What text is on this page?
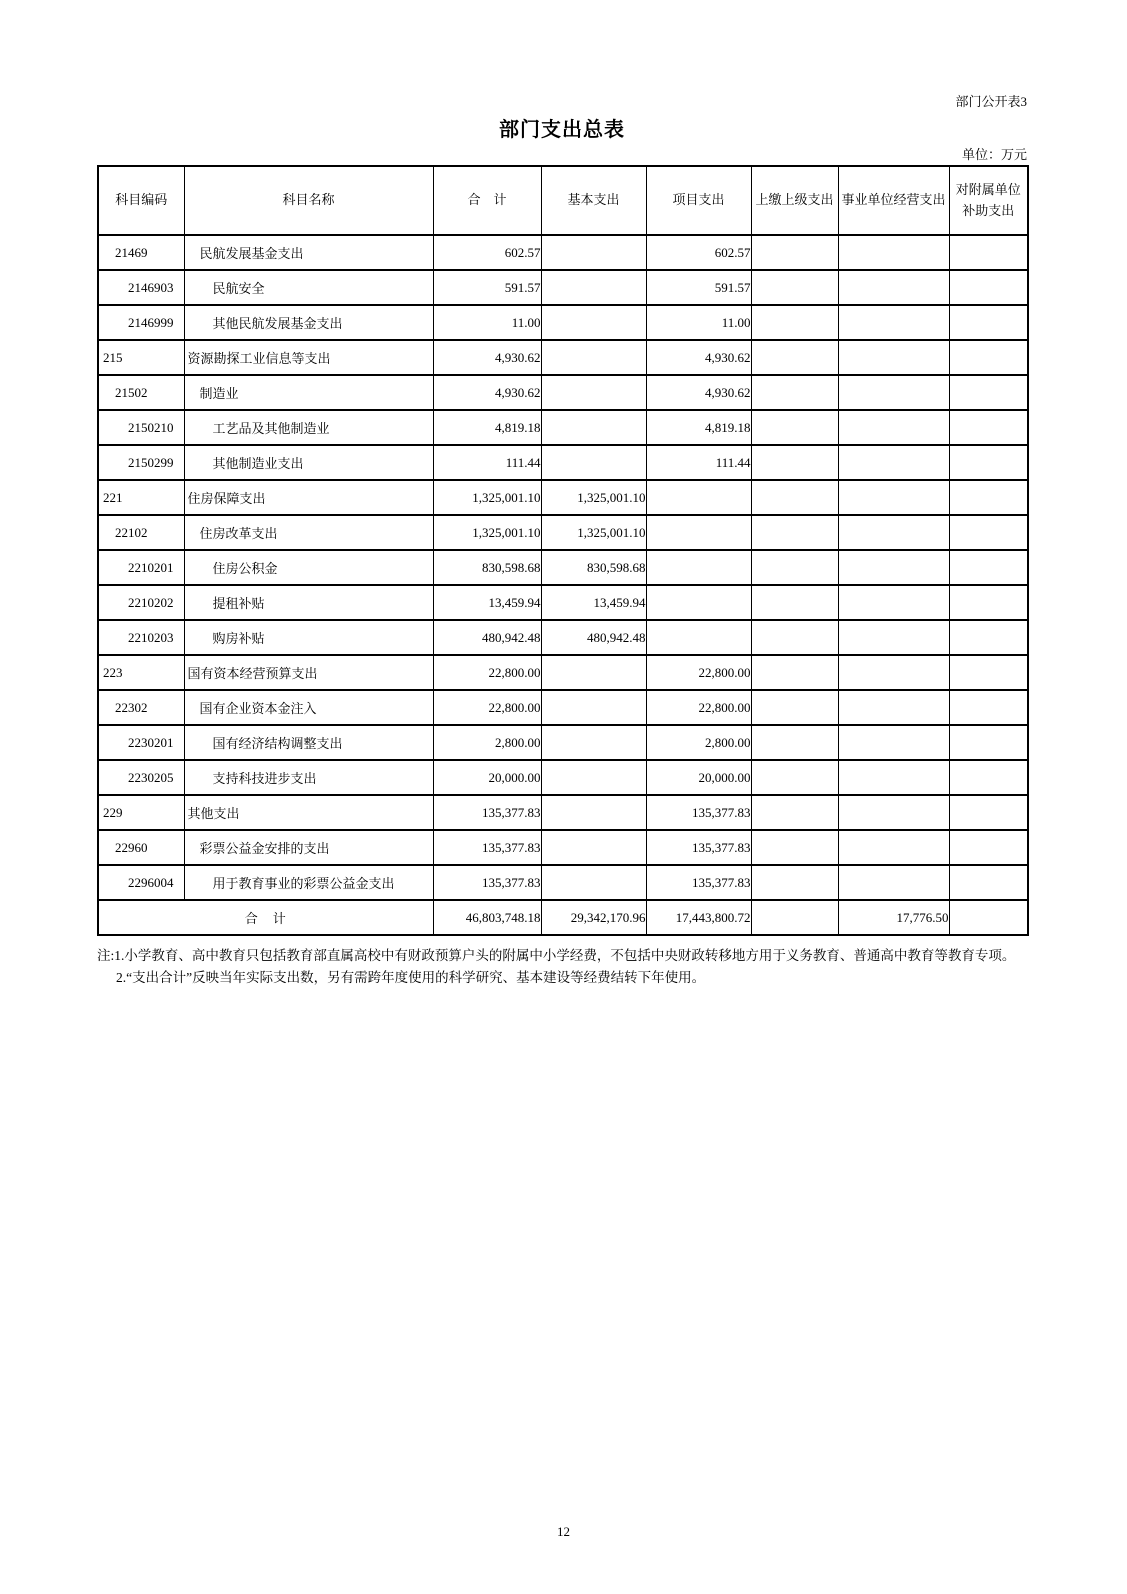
部门公开表3
部门支出总表
单位：万元
科目编码	科目名称	合　计	基本支出	项目支出	上缴上级支出	事业单位经营支出	对附属单位补助支出
21469	民航发展基金支出	602.57		602.57			
2146903	民航安全	591.57		591.57			
2146999	其他民航发展基金支出	11.00		11.00			
215	资源勘探工业信息等支出	4,930.62		4,930.62			
21502	制造业	4,930.62		4,930.62			
2150210	工艺品及其他制造业	4,819.18		4,819.18			
2150299	其他制造业支出	111.44		111.44			
221	住房保障支出	1,325,001.10	1,325,001.10				
22102	住房改革支出	1,325,001.10	1,325,001.10				
2210201	住房公积金	830,598.68	830,598.68				
2210202	提租补贴	13,459.94	13,459.94				
2210203	购房补贴	480,942.48	480,942.48				
223	国有资本经营预算支出	22,800.00		22,800.00			
22302	国有企业资本金注入	22,800.00		22,800.00			
2230201	国有经济结构调整支出	2,800.00		2,800.00			
2230205	支持科技进步支出	20,000.00		20,000.00			
229	其他支出	135,377.83		135,377.83			
22960	彩票公益金安排的支出	135,377.83		135,377.83			
2296004	用于教育事业的彩票公益金支出	135,377.83		135,377.83			
合　计		46,803,748.18	29,342,170.96	17,443,800.72		17,776.50	
注:1.小学教育、高中教育只包括教育部直属高校中有财政预算户头的附属中小学经费，不包括中央财政转移地方用于义务教育、普通高中教育等教育专项。
2.“支出合计”反映当年实际支出数，另有需跨年度使用的科学研究、基本建设等经费结转下年使用。
12
